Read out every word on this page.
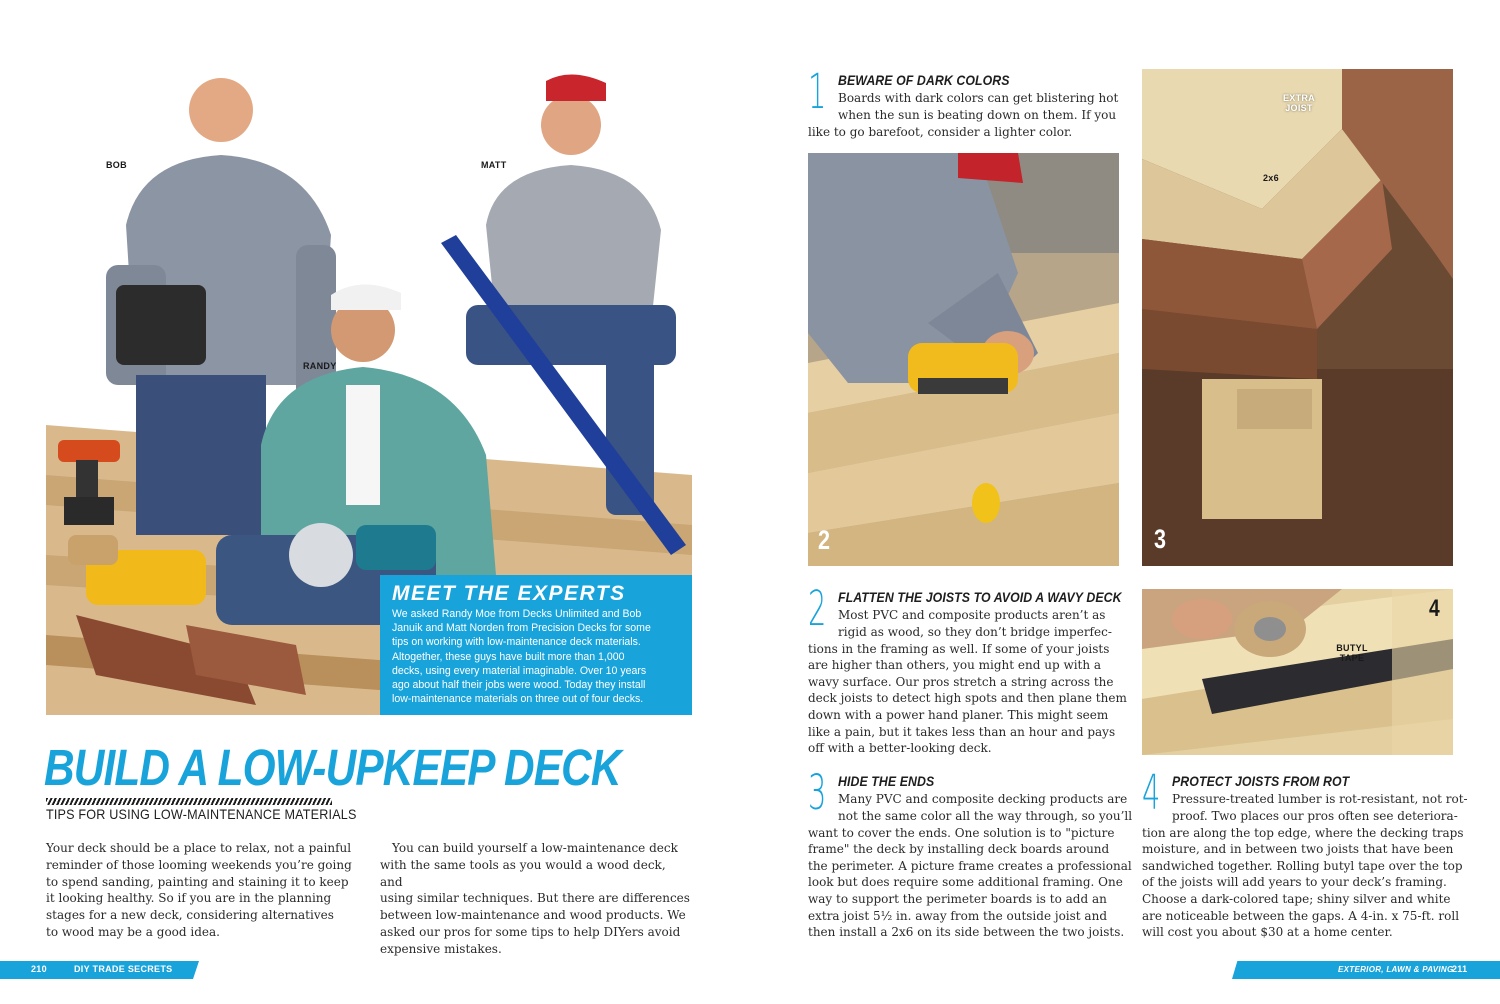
BOB	MATT
RANDY
MEET THE EXPERTS
We asked Randy Moe from Decks Unlimited and Bob
Januik and Matt Norden from Precision Decks for some
tips on working with low-maintenance deck materials.
Altogether, these guys have built more than 1,000
decks, using every material imaginable. Over 10 years
ago about half their jobs were wood. Today they install
low-maintenance materials on three out of four decks.
BUILD A LOW-UPKEEP DECK
TIPS FOR USING LOW-MAINTENANCE MATERIALS
Your deck should be a place to relax, not a painful
reminder of those looming weekends you’re going
to spend sanding, painting and staining it to keep
it looking healthy. So if you are in the planning
stages for a new deck, considering alternatives
to wood may be a good idea.
You can build yourself a low-maintenance deck
with the same tools as you would a wood deck, and
using similar techniques. But there are differences
between low-maintenance and wood products. We
asked our pros for some tips to help DIYers avoid
expensive mistakes.
210	DIY TRADE SECRETS
1 BEWARE OF DARK COLORS
Boards with dark colors can get blistering hot
when the sun is beating down on them. If you
like to go barefoot, consider a lighter color.
2
EXTRA JOIST
2x6
3
2 FLATTEN THE JOISTS TO AVOID A WAVY DECK
Most PVC and composite products aren’t as
rigid as wood, so they don’t bridge imperfec-
tions in the framing as well. If some of your joists
are higher than others, you might end up with a
wavy surface. Our pros stretch a string across the
deck joists to detect high spots and then plane them
down with a power hand planer. This might seem
like a pain, but it takes less than an hour and pays
off with a better-looking deck.
BUTYL TAPE
4
3 HIDE THE ENDS
Many PVC and composite decking products are
not the same color all the way through, so you’ll
want to cover the ends. One solution is to "picture
frame" the deck by installing deck boards around
the perimeter. A picture frame creates a professional
look but does require some additional framing. One
way to support the perimeter boards is to add an
extra joist 5½ in. away from the outside joist and
then install a 2x6 on its side between the two joists.
4 PROTECT JOISTS FROM ROT
Pressure-treated lumber is rot-resistant, not rot-
proof. Two places our pros often see deteriora-
tion are along the top edge, where the decking traps
moisture, and in between two joists that have been
sandwiched together. Rolling butyl tape over the top
of the joists will add years to your deck’s framing.
Choose a dark-colored tape; shiny silver and white
are noticeable between the gaps. A 4-in. x 75-ft. roll
will cost you about $30 at a home center.
EXTERIOR, LAWN & PAVING
211
